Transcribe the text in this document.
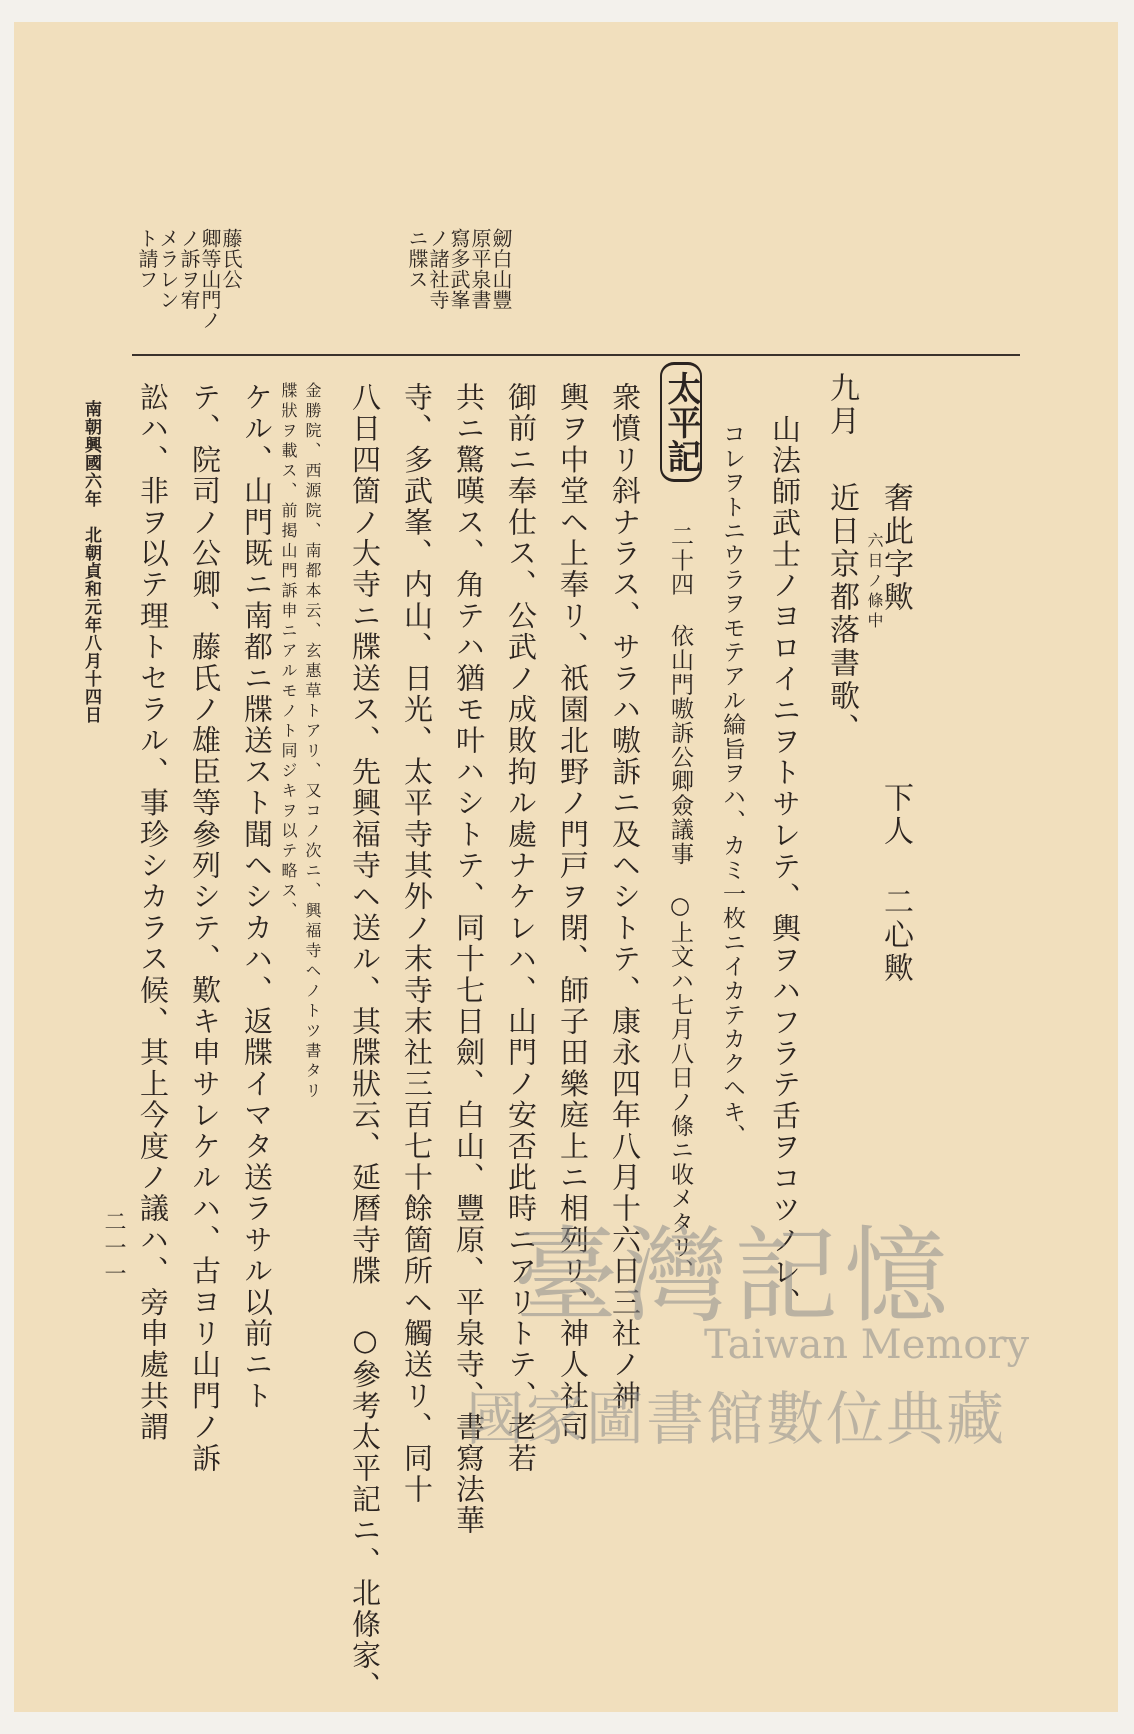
劒白山豐
原平泉書
寫多武峯
ノ諸社寺
ニ牒ス
藤氏公
卿等山門ノ
ノ訴ヲ宥
メラレン
ト請フ
九月
奢此字歟
六日ノ條中
近日京都落書歌、
下人 二心歟
山法師武士ノヨロイニヲトサレテ、輿ヲハフラテ舌ヲコツノレ、
コレヲトニウラヲモテアル綸旨ヲハ、カミ一枚ニイカテカクヘキ、
太平記
二十四 依山門嗷訴公卿僉議事 ○上文ハ七月八日ノ條ニ收メタリ、
衆憤リ斜ナラス、サラハ嗷訴ニ及ヘシトテ、康永四年八月十六日三社ノ神
輿ヲ中堂ヘ上奉リ、祇園北野ノ門戸ヲ閉、師子田樂庭上ニ相列リ、神人社司
御前ニ奉仕ス、公武ノ成敗拘ル處ナケレハ、山門ノ安否此時ニアリトテ、老若
共ニ驚嘆ス、角テハ猶モ叶ハシトテ、同十七日劍、白山、豐原、平泉寺、書寫法華
寺、多武峯、内山、日光、太平寺其外ノ末寺末社三百七十餘箇所ヘ觸送リ、同十
八日四箇ノ大寺ニ牒送ス、先興福寺ヘ送ル、其牒狀云、延曆寺牒 ○參考太平記ニ、北條家、
金勝院、西源院、南都本云、玄惠草トアリ、又コノ次ニ、興福寺ヘノトツ書タリ
牒狀ヲ載ス、前掲山門訴申ニアルモノト同ジキヲ以テ略ス、
ケル、山門既ニ南都ニ牒送スト聞ヘシカハ、返牒イマタ送ラサル以前ニト
テ、院司ノ公卿、藤氏ノ雄臣等參列シテ、歎キ申サレケルハ、古ヨリ山門ノ訴
訟ハ、非ヲ以テ理トセラル、事珍シカラス候、其上今度ノ議ハ、旁申處共謂
南朝興國六年　北朝貞和元年八月十四日
二一一	臺灣記憶
Taiwan Memory
國家圖書館數位典藏
